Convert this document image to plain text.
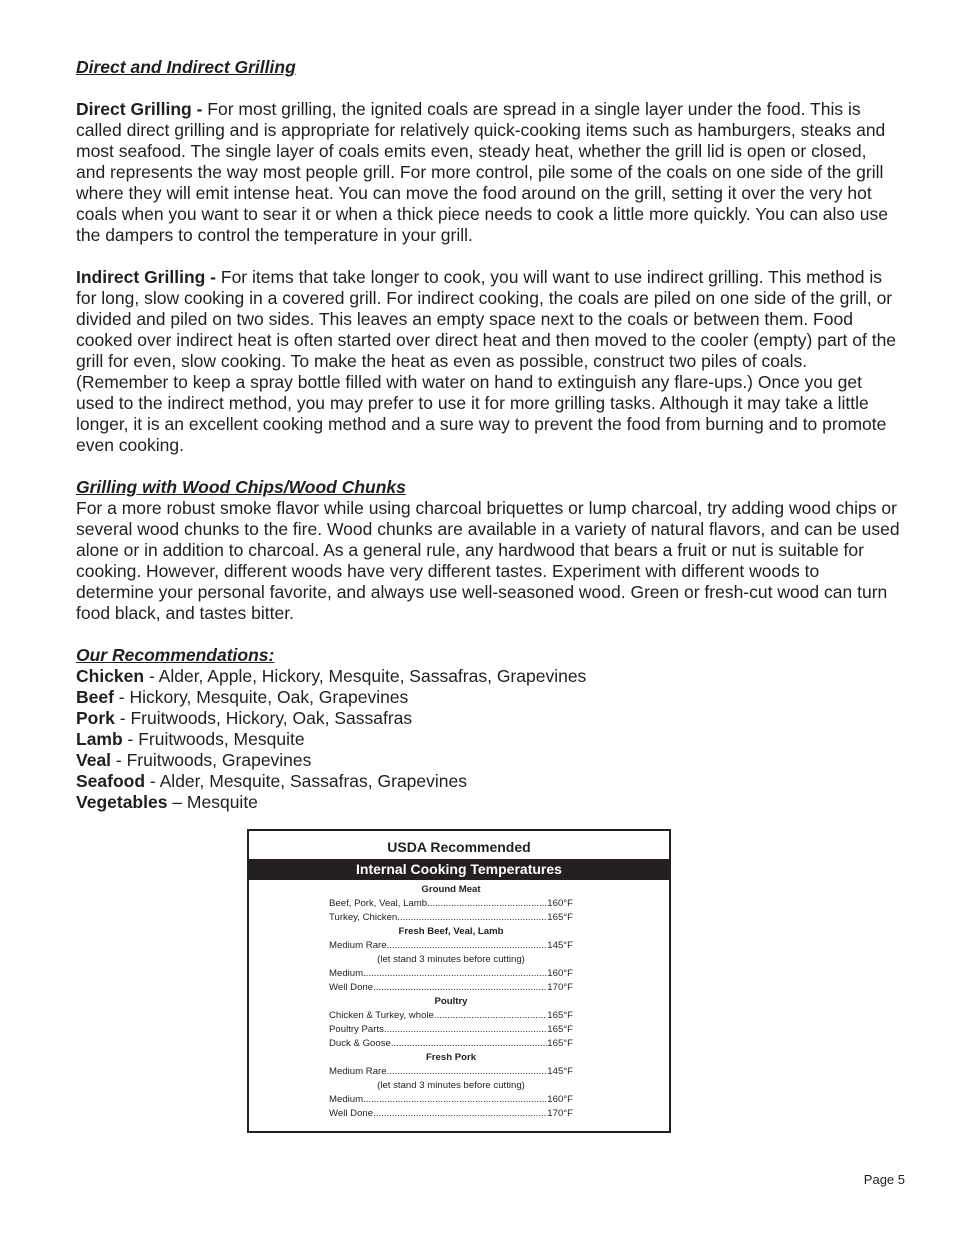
Direct and Indirect Grilling

Direct Grilling - For most grilling, the ignited coals are spread in a single layer under the food. This is called direct grilling and is appropriate for relatively quick-cooking items such as hamburgers, steaks and most seafood. The single layer of coals emits even, steady heat, whether the grill lid is open or closed, and represents the way most people grill. For more control, pile some of the coals on one side of the grill where they will emit intense heat. You can move the food around on the grill, setting it over the very hot coals when you want to sear it or when a thick piece needs to cook a little more quickly. You can also use the dampers to control the temperature in your grill.

Indirect Grilling - For items that take longer to cook, you will want to use indirect grilling. This method is for long, slow cooking in a covered grill. For indirect cooking, the coals are piled on one side of the grill, or divided and piled on two sides. This leaves an empty space next to the coals or between them. Food cooked over indirect heat is often started over direct heat and then moved to the cooler (empty) part of the grill for even, slow cooking. To make the heat as even as possible, construct two piles of coals. (Remember to keep a spray bottle filled with water on hand to extinguish any flare-ups.) Once you get used to the indirect method, you may prefer to use it for more grilling tasks. Although it may take a little longer, it is an excellent cooking method and a sure way to prevent the food from burning and to promote even cooking.

Grilling with Wood Chips/Wood Chunks

For a more robust smoke flavor while using charcoal briquettes or lump charcoal, try adding wood chips or several wood chunks to the fire. Wood chunks are available in a variety of natural flavors, and can be used alone or in addition to charcoal. As a general rule, any hardwood that bears a fruit or nut is suitable for cooking. However, different woods have very different tastes. Experiment with different woods to determine your personal favorite, and always use well-seasoned wood. Green or fresh-cut wood can turn food black, and tastes bitter.

Our Recommendations:

Chicken - Alder, Apple, Hickory, Mesquite, Sassafras, Grapevines

Beef - Hickory, Mesquite, Oak, Grapevines

Pork - Fruitwoods, Hickory, Oak, Sassafras

Lamb - Fruitwoods, Mesquite

Veal - Fruitwoods, Grapevines

Seafood - Alder, Mesquite, Sassafras, Grapevines

Vegetables – Mesquite

USDA Recommended
Internal Cooking Temperatures
Ground Meat
Beef, Pork, Veal, Lamb .....	160°F
Turkey, Chicken .....	165°F
Fresh Beef, Veal, Lamb
Medium Rare .....	145°F
(let stand 3 minutes before cutting)
Medium .....	160°F
Well Done .....	170°F
Poultry
Chicken & Turkey, whole .....	165°F
Poultry Parts .....	165°F
Duck & Goose .....	165°F
Fresh Pork
Medium Rare .....	145°F
(let stand 3 minutes before cutting)
Medium .....	160°F
Well Done .....	170°F
Page 5
